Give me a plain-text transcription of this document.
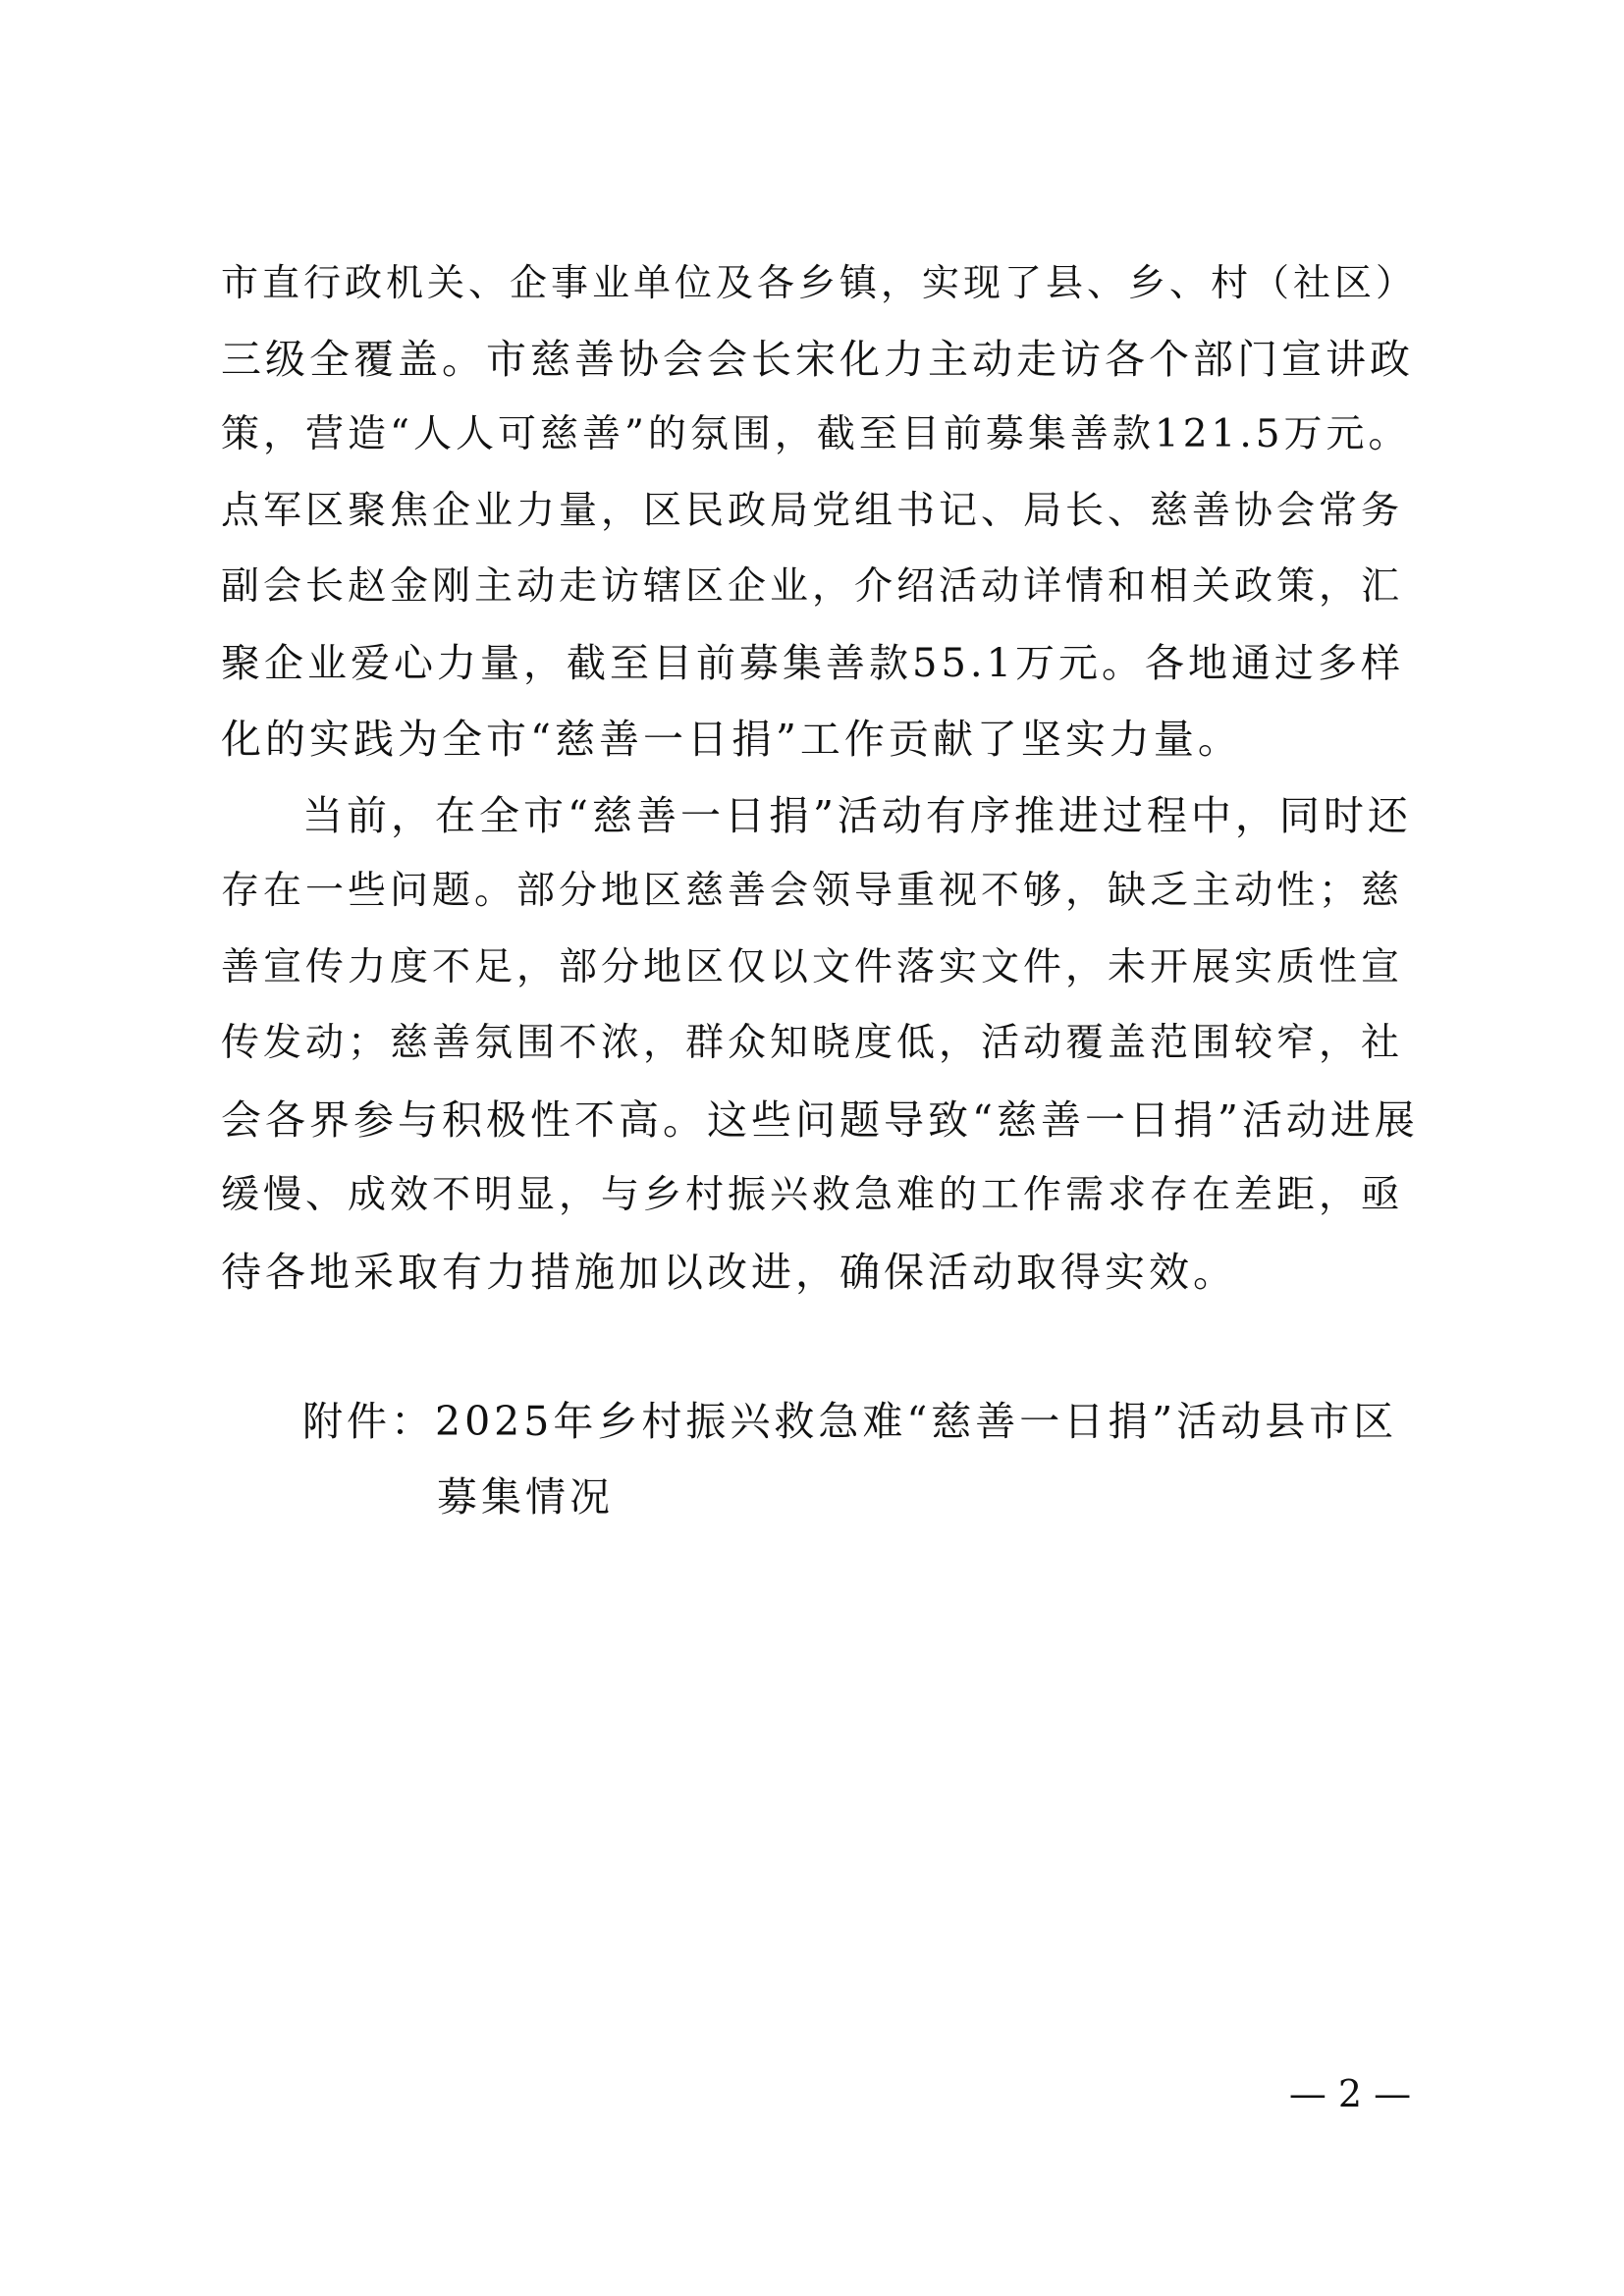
市直行政机关、企事业单位及各乡镇，实现了县、乡、村（社区）
三级全覆盖。市慈善协会会长宋化力主动走访各个部门宣讲政
策，营造“人人可慈善”的氛围，截至目前募集善款121.5万元。
点军区聚焦企业力量，区民政局党组书记、局长、慈善协会常务
副会长赵金刚主动走访辖区企业，介绍活动详情和相关政策，汇
聚企业爱心力量，截至目前募集善款55.1万元。各地通过多样
化的实践为全市“慈善一日捐”工作贡献了坚实力量。
当前，在全市“慈善一日捐”活动有序推进过程中，同时还
存在一些问题。部分地区慈善会领导重视不够，缺乏主动性；慈
善宣传力度不足，部分地区仅以文件落实文件，未开展实质性宣
传发动；慈善氛围不浓，群众知晓度低，活动覆盖范围较窄，社
会各界参与积极性不高。这些问题导致“慈善一日捐”活动进展
缓慢、成效不明显，与乡村振兴救急难的工作需求存在差距，亟
待各地采取有力措施加以改进，确保活动取得实效。
附件：2025年乡村振兴救急难“慈善一日捐”活动县市区
募集情况
— 2 —
